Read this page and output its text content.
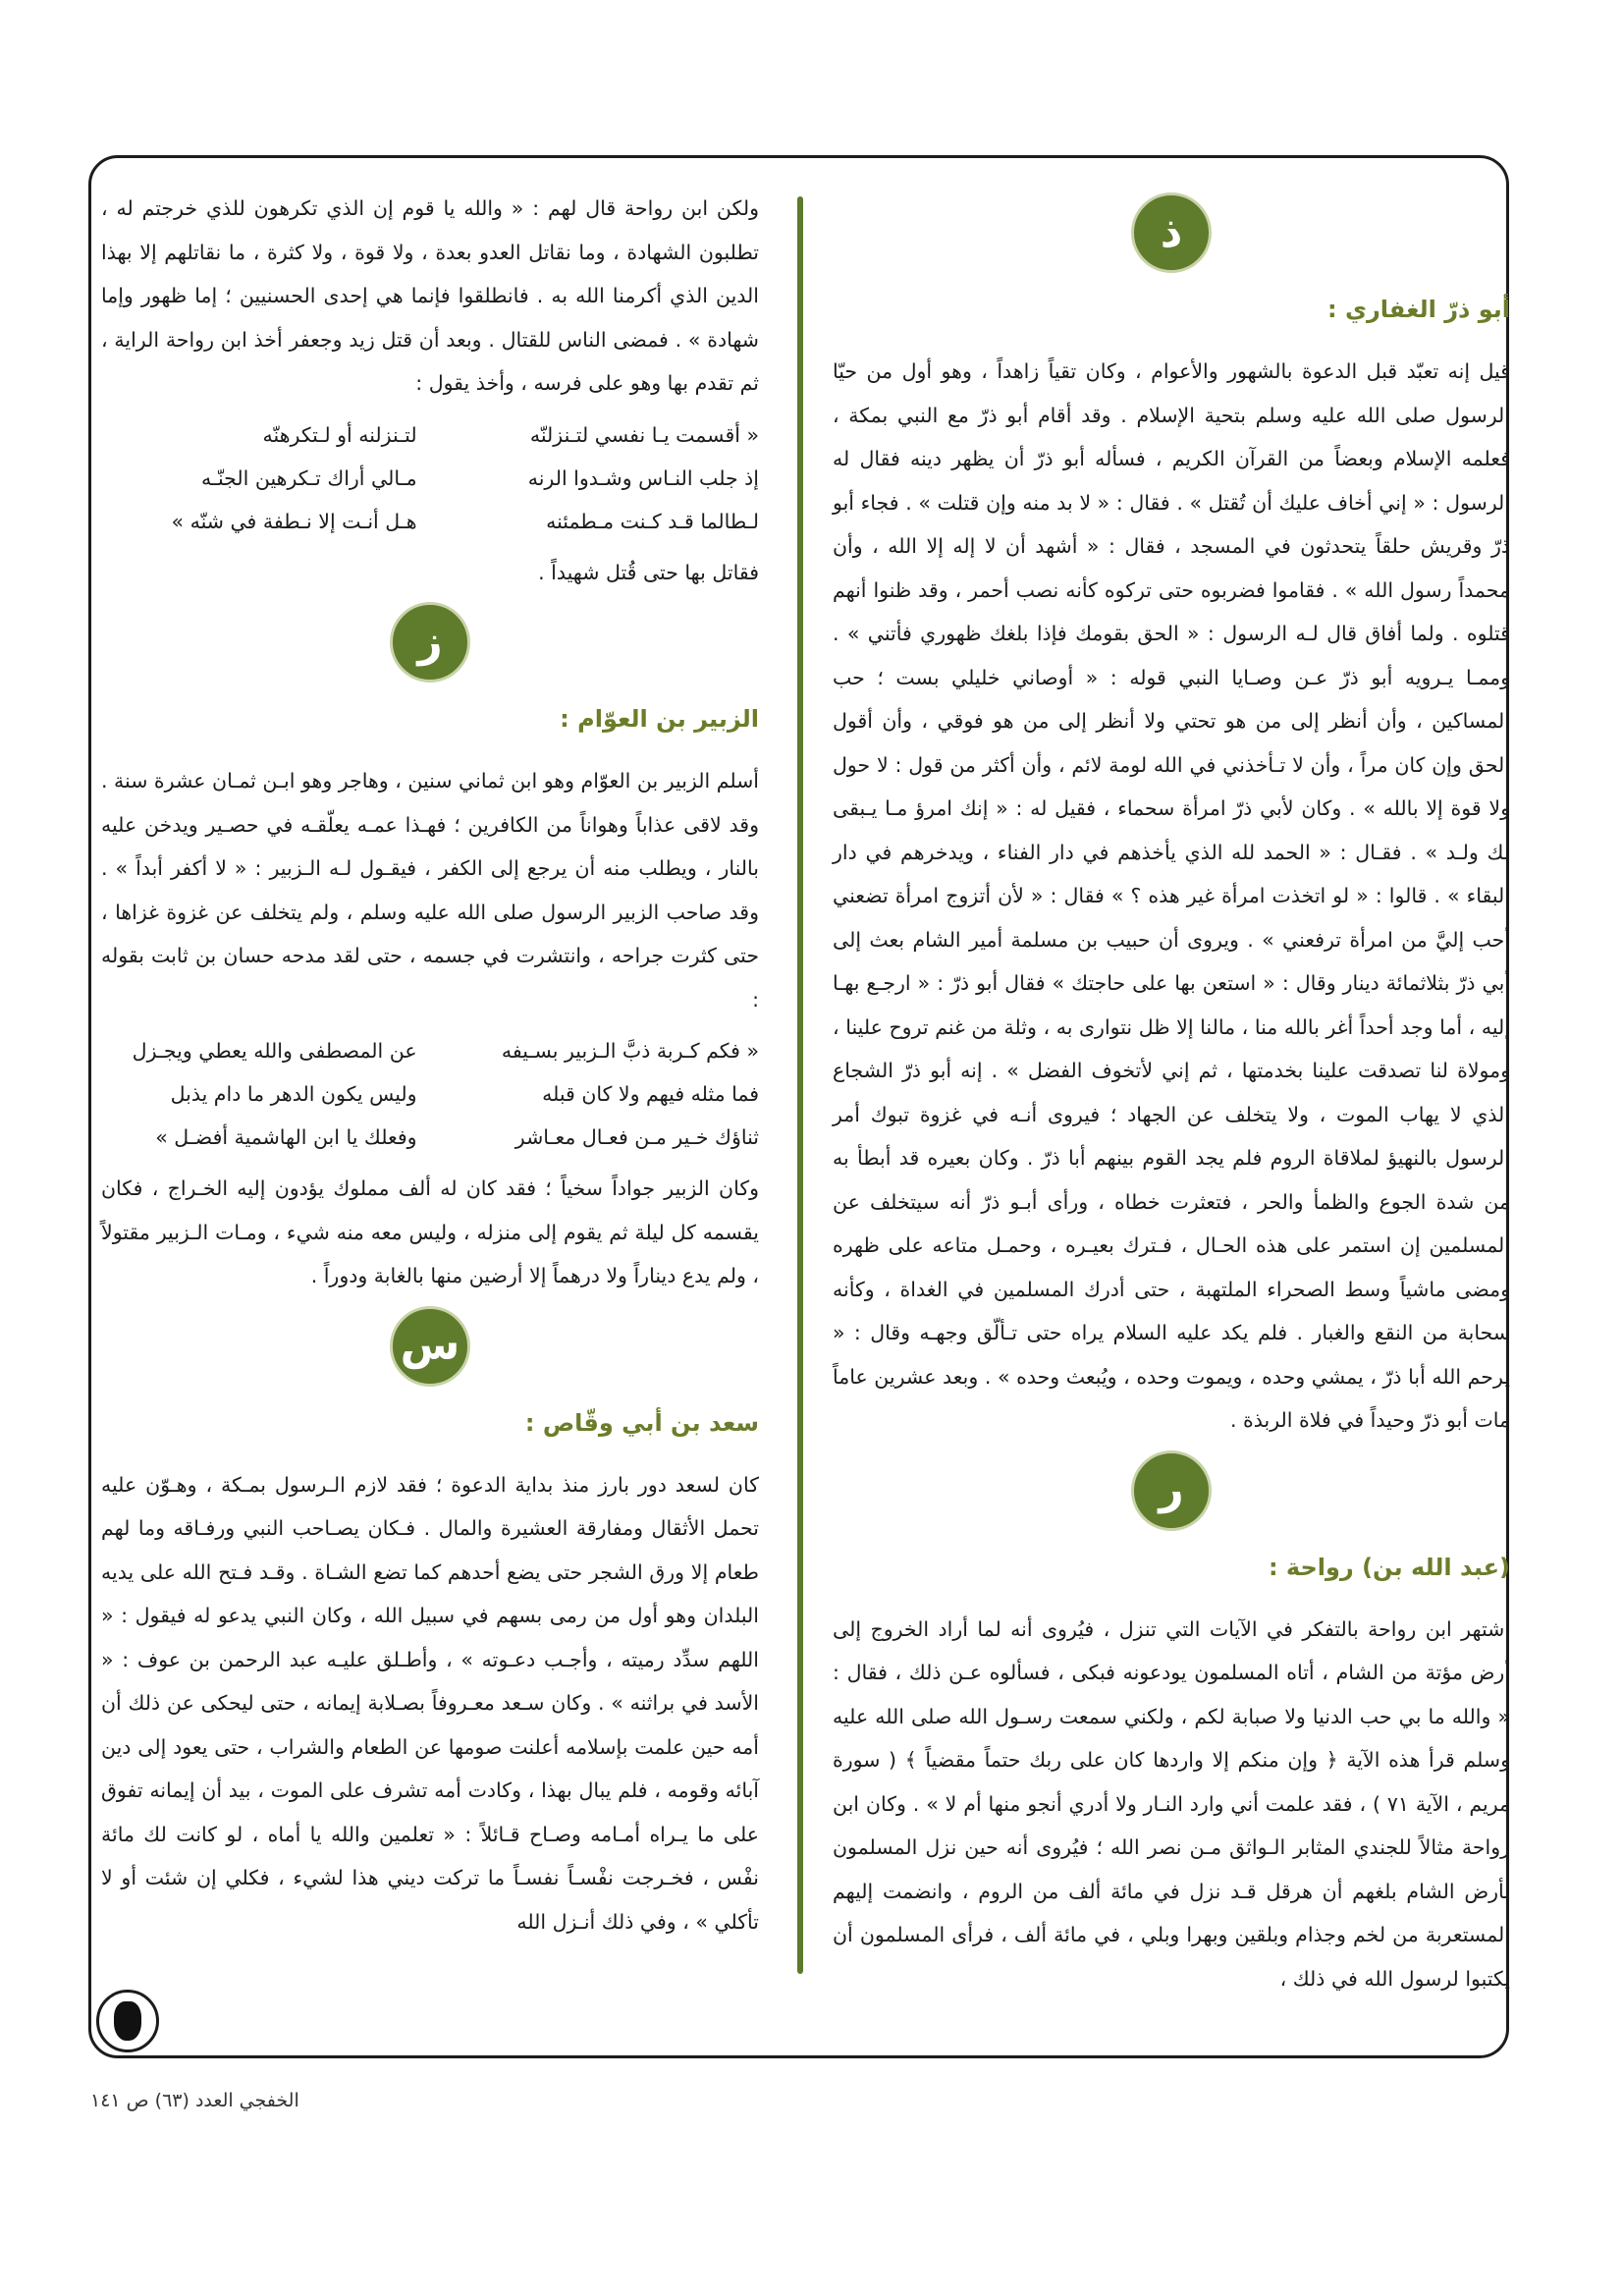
ذ
أبو ذرّ الغفاري :

قيل إنه تعبّد قبل الدعوة بالشهور والأعوام ، وكان تقياً زاهداً ، وهو أول من حيّا الرسول صلى الله عليه وسلم بتحية الإسلام . وقد أقام أبو ذرّ مع النبي بمكة ، فعلمه الإسلام وبعضاً من القرآن الكريم ، فسأله أبو ذرّ أن يظهر دينه فقال له الرسول : « إني أخاف عليك أن تُقتل » . فقال : « لا بد منه وإن قتلت » . فجاء أبو ذرّ وقريش حلقاً يتحدثون في المسجد ، فقال : « أشهد أن لا إله إلا الله ، وأن محمداً رسول الله » . فقاموا فضربوه حتى تركوه كأنه نصب أحمر ، وقد ظنوا أنهم قتلوه . ولما أفاق قال لـه الرسول : « الحق بقومك فإذا بلغك ظهوري فأتني » . وممـا يـرويه أبو ذرّ عـن وصـايا النبي قوله : « أوصاني خليلي بست ؛ حب المساكين ، وأن أنظر إلى من هو تحتي ولا أنظر إلى من هو فوقي ، وأن أقول الحق وإن كان مراً ، وأن لا تـأخذني في الله لومة لائم ، وأن أكثر من قول : لا حول ولا قوة إلا بالله » . وكان لأبي ذرّ امرأة سحماء ، فقيل له : « إنك امرؤ مـا يـبقى لك ولـد » . فقـال : « الحمد لله الذي يأخذهم في دار الفناء ، ويدخرهم في دار البقاء » . قالوا : « لو اتخذت امرأة غير هذه ؟ » فقال : « لأن أتزوج امرأة تضعني أحب إليَّ من امرأة ترفعني » . ويروى أن حبيب بن مسلمة أمير الشام بعث إلى أبي ذرّ بثلاثمائة دينار وقال : « استعن بها على حاجتك » فقال أبو ذرّ : « ارجـع بهـا إليه ، أما وجد أحداً أغر بالله منا ، مالنا إلا ظل نتوارى به ، وثلة من غنم تروح علينا ، ومولاة لنا تصدقت علينا بخدمتها ، ثم إني لأتخوف الفضل » . إنه أبو ذرّ الشجاع الذي لا يهاب الموت ، ولا يتخلف عن الجهاد ؛ فيروى أنـه في غزوة تبوك أمر الرسول بالنهيؤ لملاقاة الروم فلم يجد القوم بينهم أبا ذرّ . وكان بعيره قد أبطأ به من شدة الجوع والظمأ والحر ، فتعثرت خطاه ، ورأى أبـو ذرّ أنه سيتخلف عن المسلمين إن استمر على هذه الحـال ، فـترك بعيـره ، وحمـل متاعه على ظهره ومضى ماشياً وسط الصحراء الملتهبة ، حتى أدرك المسلمين في الغداة ، وكأنه سحابة من النقع والغبار . فلم يكد عليه السلام يراه حتى تـألّق وجهـه وقال : « يرحم الله أبا ذرّ ، يمشي وحده ، ويموت وحده ، ويُبعث وحده » . وبعد عشرين عاماً مات أبو ذرّ وحيداً في فلاة الربذة .

ر
(عبد الله بن) رواحة :

اشتهر ابن رواحة بالتفكر في الآيات التي تنزل ، فيُروى أنه لما أراد الخروج إلى أرض مؤتة من الشام ، أتاه المسلمون يودعونه فبكى ، فسألوه عـن ذلك ، فقال : « والله ما بي حب الدنيا ولا صبابة لكم ، ولكني سمعت رسـول الله صلى الله عليه وسلم قرأ هذه الآية ﴿ وإن منكم إلا واردها كان على ربك حتماً مقضياً ﴾ ( سورة مريم ، الآية ٧١ ) ، فقد علمت أني وارد النـار ولا أدري أنجو منها أم لا » . وكان ابن رواحة مثالاً للجندي المثابر الـواثق مـن نصر الله ؛ فيُروى أنه حين نزل المسلمون بأرض الشام بلغهم أن هرقل قـد نزل في مائة ألف من الروم ، وانضمت إليهم المستعربة من لخم وجذام وبلقين وبهرا وبلي ، في مائة ألف ، فرأى المسلمون أن يكتبوا لرسول الله في ذلك ،

ولكن ابن رواحة قال لهم : « والله يا قوم إن الذي تكرهون للذي خرجتم له ، تطلبون الشهادة ، وما نقاتل العدو بعدة ، ولا قوة ، ولا كثرة ، ما نقاتلهم إلا بهذا الدين الذي أكرمنا الله به . فانطلقوا فإنما هي إحدى الحسنيين ؛ إما ظهور وإما شهادة » . فمضى الناس للقتال . وبعد أن قتل زيد وجعفر أخذ ابن رواحة الراية ، ثم تقدم بها وهو على فرسه ، وأخذ يقول :

« أقسمت يـا نفسي لتـنزلنّه
لتـنزلنه أو لـتكرهنّه
إذ جلب النـاس وشـدوا الرنه
مـالي أراك تـكرهين الجنّـه
لـطالما قـد كـنت مـطمئنه
هـل أنـت إلا نـطفة في شنّه »

فقاتل بها حتى قُتل شهيداً .

ز
الزبير بن العوّام :

أسلم الزبير بن العوّام وهو ابن ثماني سنين ، وهاجر وهو ابـن ثمـان عشرة سنة . وقد لاقى عذاباً وهواناً من الكافرين ؛ فهـذا عمـه يعلّقـه في حصـير ويدخن عليه بالنار ، ويطلب منه أن يرجع إلى الكفر ، فيقـول لـه الـزبير : « لا أكفر أبداً » . وقد صاحب الزبير الرسول صلى الله عليه وسلم ، ولم يتخلف عن غزوة غزاها ، حتى كثرت جراحه ، وانتشرت في جسمه ، حتى لقد مدحه حسان بن ثابت بقوله :

« فكم كـربة ذبَّ الـزبير بسـيفه
عن المصطفى والله يعطي ويجـزل
فما مثله فيهم ولا كان قبله
وليس يكون الدهر ما دام يذبل
ثناؤك خـير مـن فعـال معـاشر
وفعلك يا ابن الهاشمية أفضـل »

وكان الزبير جواداً سخياً ؛ فقد كان له ألف مملوك يؤدون إليه الخـراج ، فكان يقسمه كل ليلة ثم يقوم إلى منزله ، وليس معه منه شيء ، ومـات الـزبير مقتولاً ، ولم يدع ديناراً ولا درهماً إلا أرضين منها بالغابة ودوراً .

س
سعد بن أبي وقّاص :

كان لسعد دور بارز منذ بداية الدعوة ؛ فقد لازم الـرسول بمـكة ، وهـوّن عليه تحمل الأثقال ومفارقة العشيرة والمال . فـكان يصـاحب النبي ورفـاقه وما لهم طعام إلا ورق الشجر حتى يضع أحدهم كما تضع الشـاة . وقـد فـتح الله على يديه البلدان وهو أول من رمى بسهم في سبيل الله ، وكان النبي يدعو له فيقول : « اللهم سدِّد رميته ، وأجـب دعـوته » ، وأطـلق عليـه عبد الرحمن بن عوف : « الأسد في براثنه » . وكان سـعد معـروفاً بصـلابة إيمانه ، حتى ليحكى عن ذلك أن أمه حين علمت بإسلامه أعلنت صومها عن الطعام والشراب ، حتى يعود إلى دين آبائه وقومه ، فلم يبال بهذا ، وكادت أمه تشرف على الموت ، بيد أن إيمانه تفوق على ما يـراه أمـامه وصـاح قـائلاً : « تعلمين والله يا أماه ، لو كانت لك مائة نفْس ، فخـرجت نفْسـاً نفسـاً ما تركت ديني هذا لشيء ، فكلي إن شئت أو لا تأكلي » ، وفي ذلك أنـزل الله

الخفجي العدد (٦٣) ص ١٤١
